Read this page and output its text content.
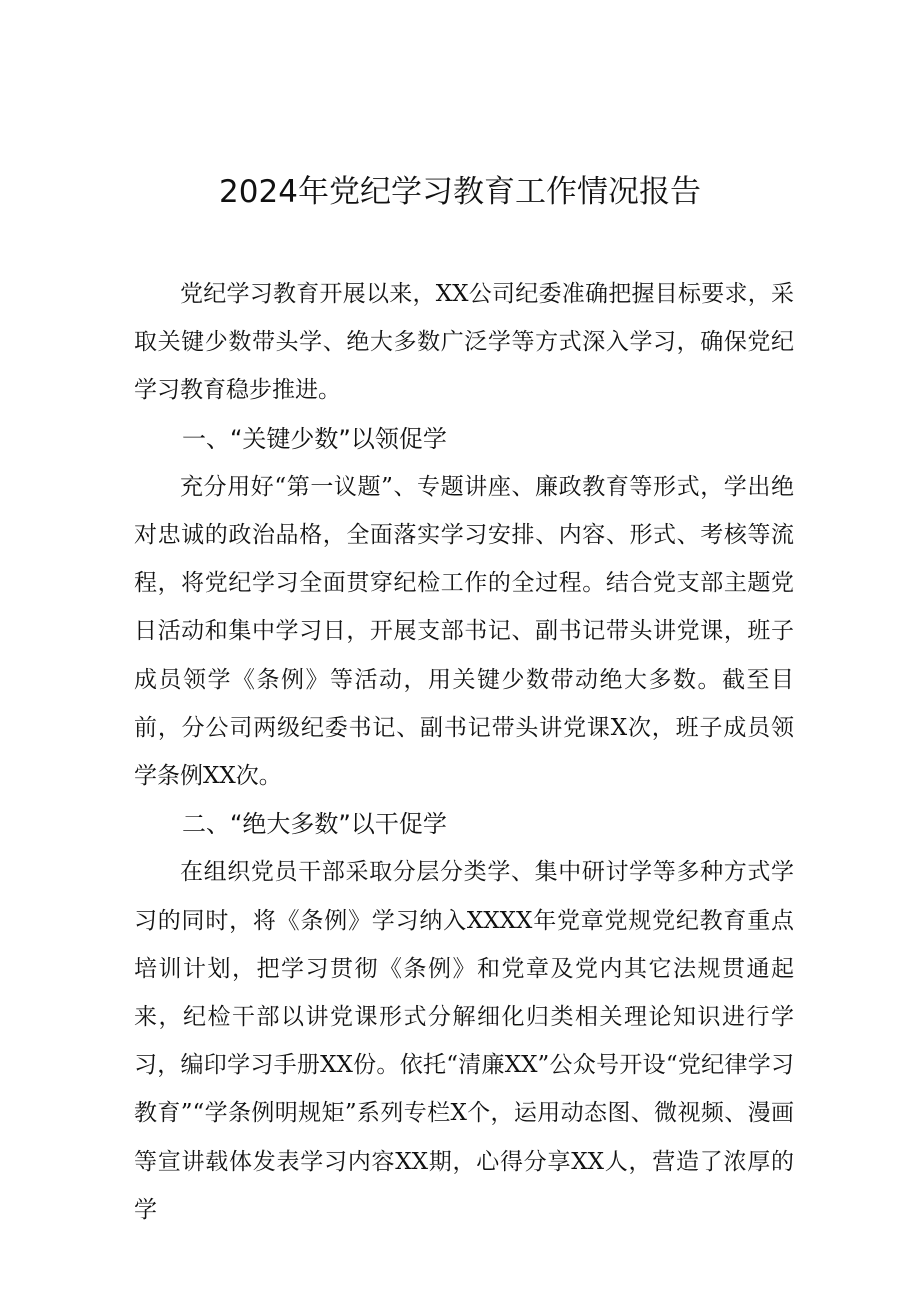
2024年党纪学习教育工作情况报告

党纪学习教育开展以来，XX公司纪委准确把握目标要求，采取关键少数带头学、绝大多数广泛学等方式深入学习，确保党纪学习教育稳步推进。

一、“关键少数”以领促学

充分用好“第一议题”、专题讲座、廉政教育等形式，学出绝对忠诚的政治品格，全面落实学习安排、内容、形式、考核等流程，将党纪学习全面贯穿纪检工作的全过程。结合党支部主题党日活动和集中学习日，开展支部书记、副书记带头讲党课，班子成员领学《条例》等活动，用关键少数带动绝大多数。截至目前，分公司两级纪委书记、副书记带头讲党课X次，班子成员领学条例XX次。

二、“绝大多数”以干促学

在组织党员干部采取分层分类学、集中研讨学等多种方式学习的同时，将《条例》学习纳入XXXX年党章党规党纪教育重点培训计划，把学习贯彻《条例》和党章及党内其它法规贯通起来，纪检干部以讲党课形式分解细化归类相关理论知识进行学习，编印学习手册XX份。依托“清廉XX”公众号开设“党纪律学习教育”“学条例明规矩”系列专栏X个，运用动态图、微视频、漫画等宣讲载体发表学习内容XX期，心得分享XX人，营造了浓厚的学
